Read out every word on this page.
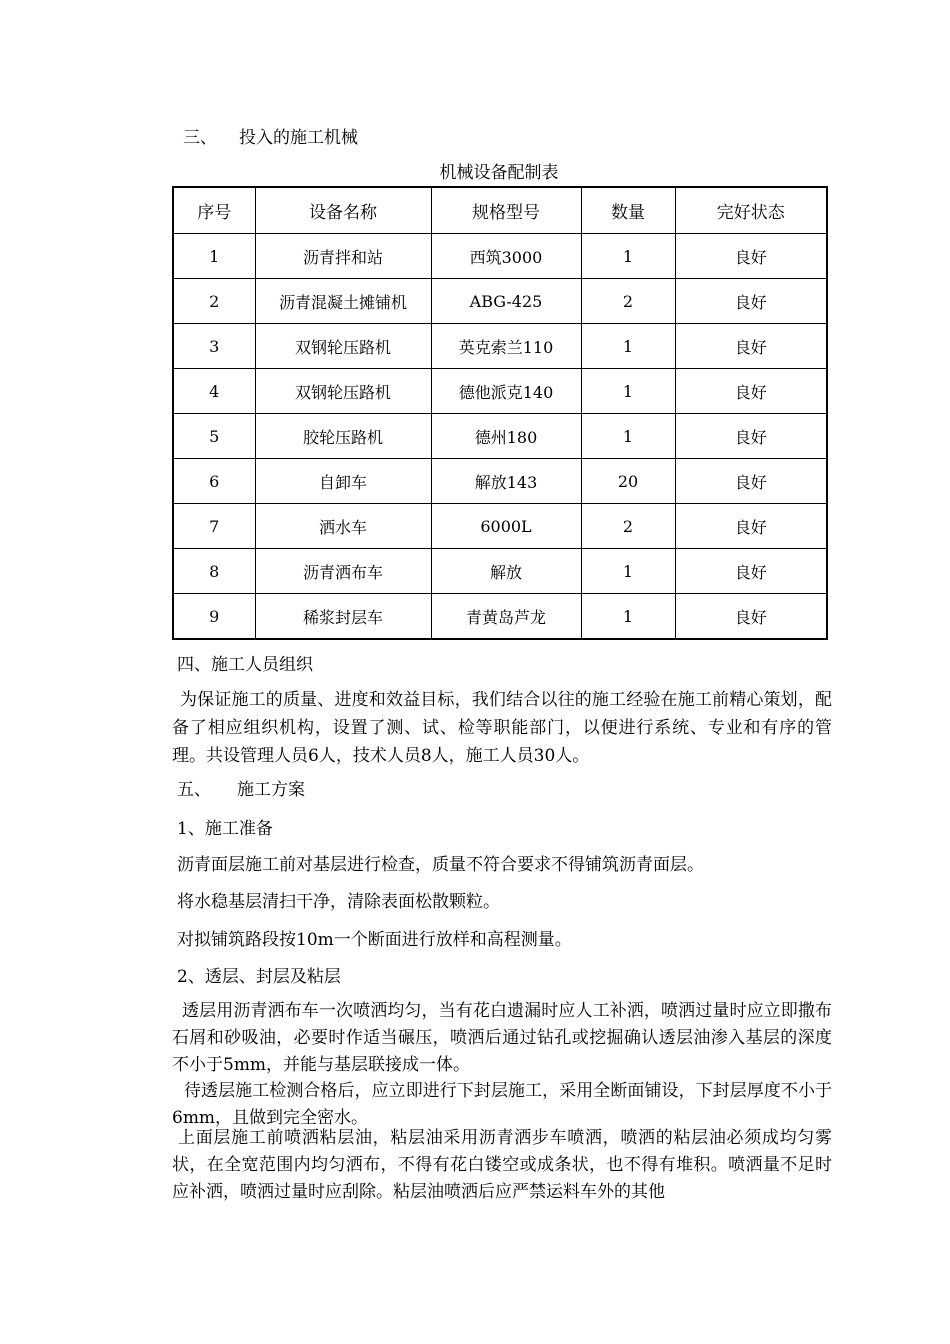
三、 投入的施工机械
机械设备配制表
序号	设备名称	规格型号	数量	完好状态
1	沥青拌和站	西筑3000	1	良好
2	沥青混凝土摊铺机	ABG-425	2	良好
3	双钢轮压路机	英克索兰110	1	良好
4	双钢轮压路机	德他派克140	1	良好
5	胶轮压路机	德州180	1	良好
6	自卸车	解放143	20	良好
7	洒水车	6000L	2	良好
8	沥青洒布车	解放	1	良好
9	稀浆封层车	青黄岛芦龙	1	良好
四、施工人员组织
为保证施工的质量、进度和效益目标，我们结合以往的施工经验在施工前精心策划，配备了相应组织机构，设置了测、试、检等职能部门，以便进行系统、专业和有序的管理。共设管理人员6人，技术人员8人，施工人员30人。
五、 施工方案
1、施工准备
沥青面层施工前对基层进行检查，质量不符合要求不得铺筑沥青面层。
将水稳基层清扫干净，清除表面松散颗粒。
对拟铺筑路段按10m一个断面进行放样和高程测量。
2、透层、封层及粘层
透层用沥青洒布车一次喷洒均匀，当有花白遗漏时应人工补洒，喷洒过量时应立即撒布石屑和砂吸油，必要时作适当碾压，喷洒后通过钻孔或挖掘确认透层油渗入基层的深度不小于5mm，并能与基层联接成一体。
待透层施工检测合格后，应立即进行下封层施工，采用全断面铺设，下封层厚度不小于6mm，且做到完全密水。
上面层施工前喷洒粘层油，粘层油采用沥青洒步车喷洒，喷洒的粘层油必须成均匀雾状，在全宽范围内均匀洒布，不得有花白镂空或成条状，也不得有堆积。喷洒量不足时应补洒，喷洒过量时应刮除。粘层油喷洒后应严禁运料车外的其他
